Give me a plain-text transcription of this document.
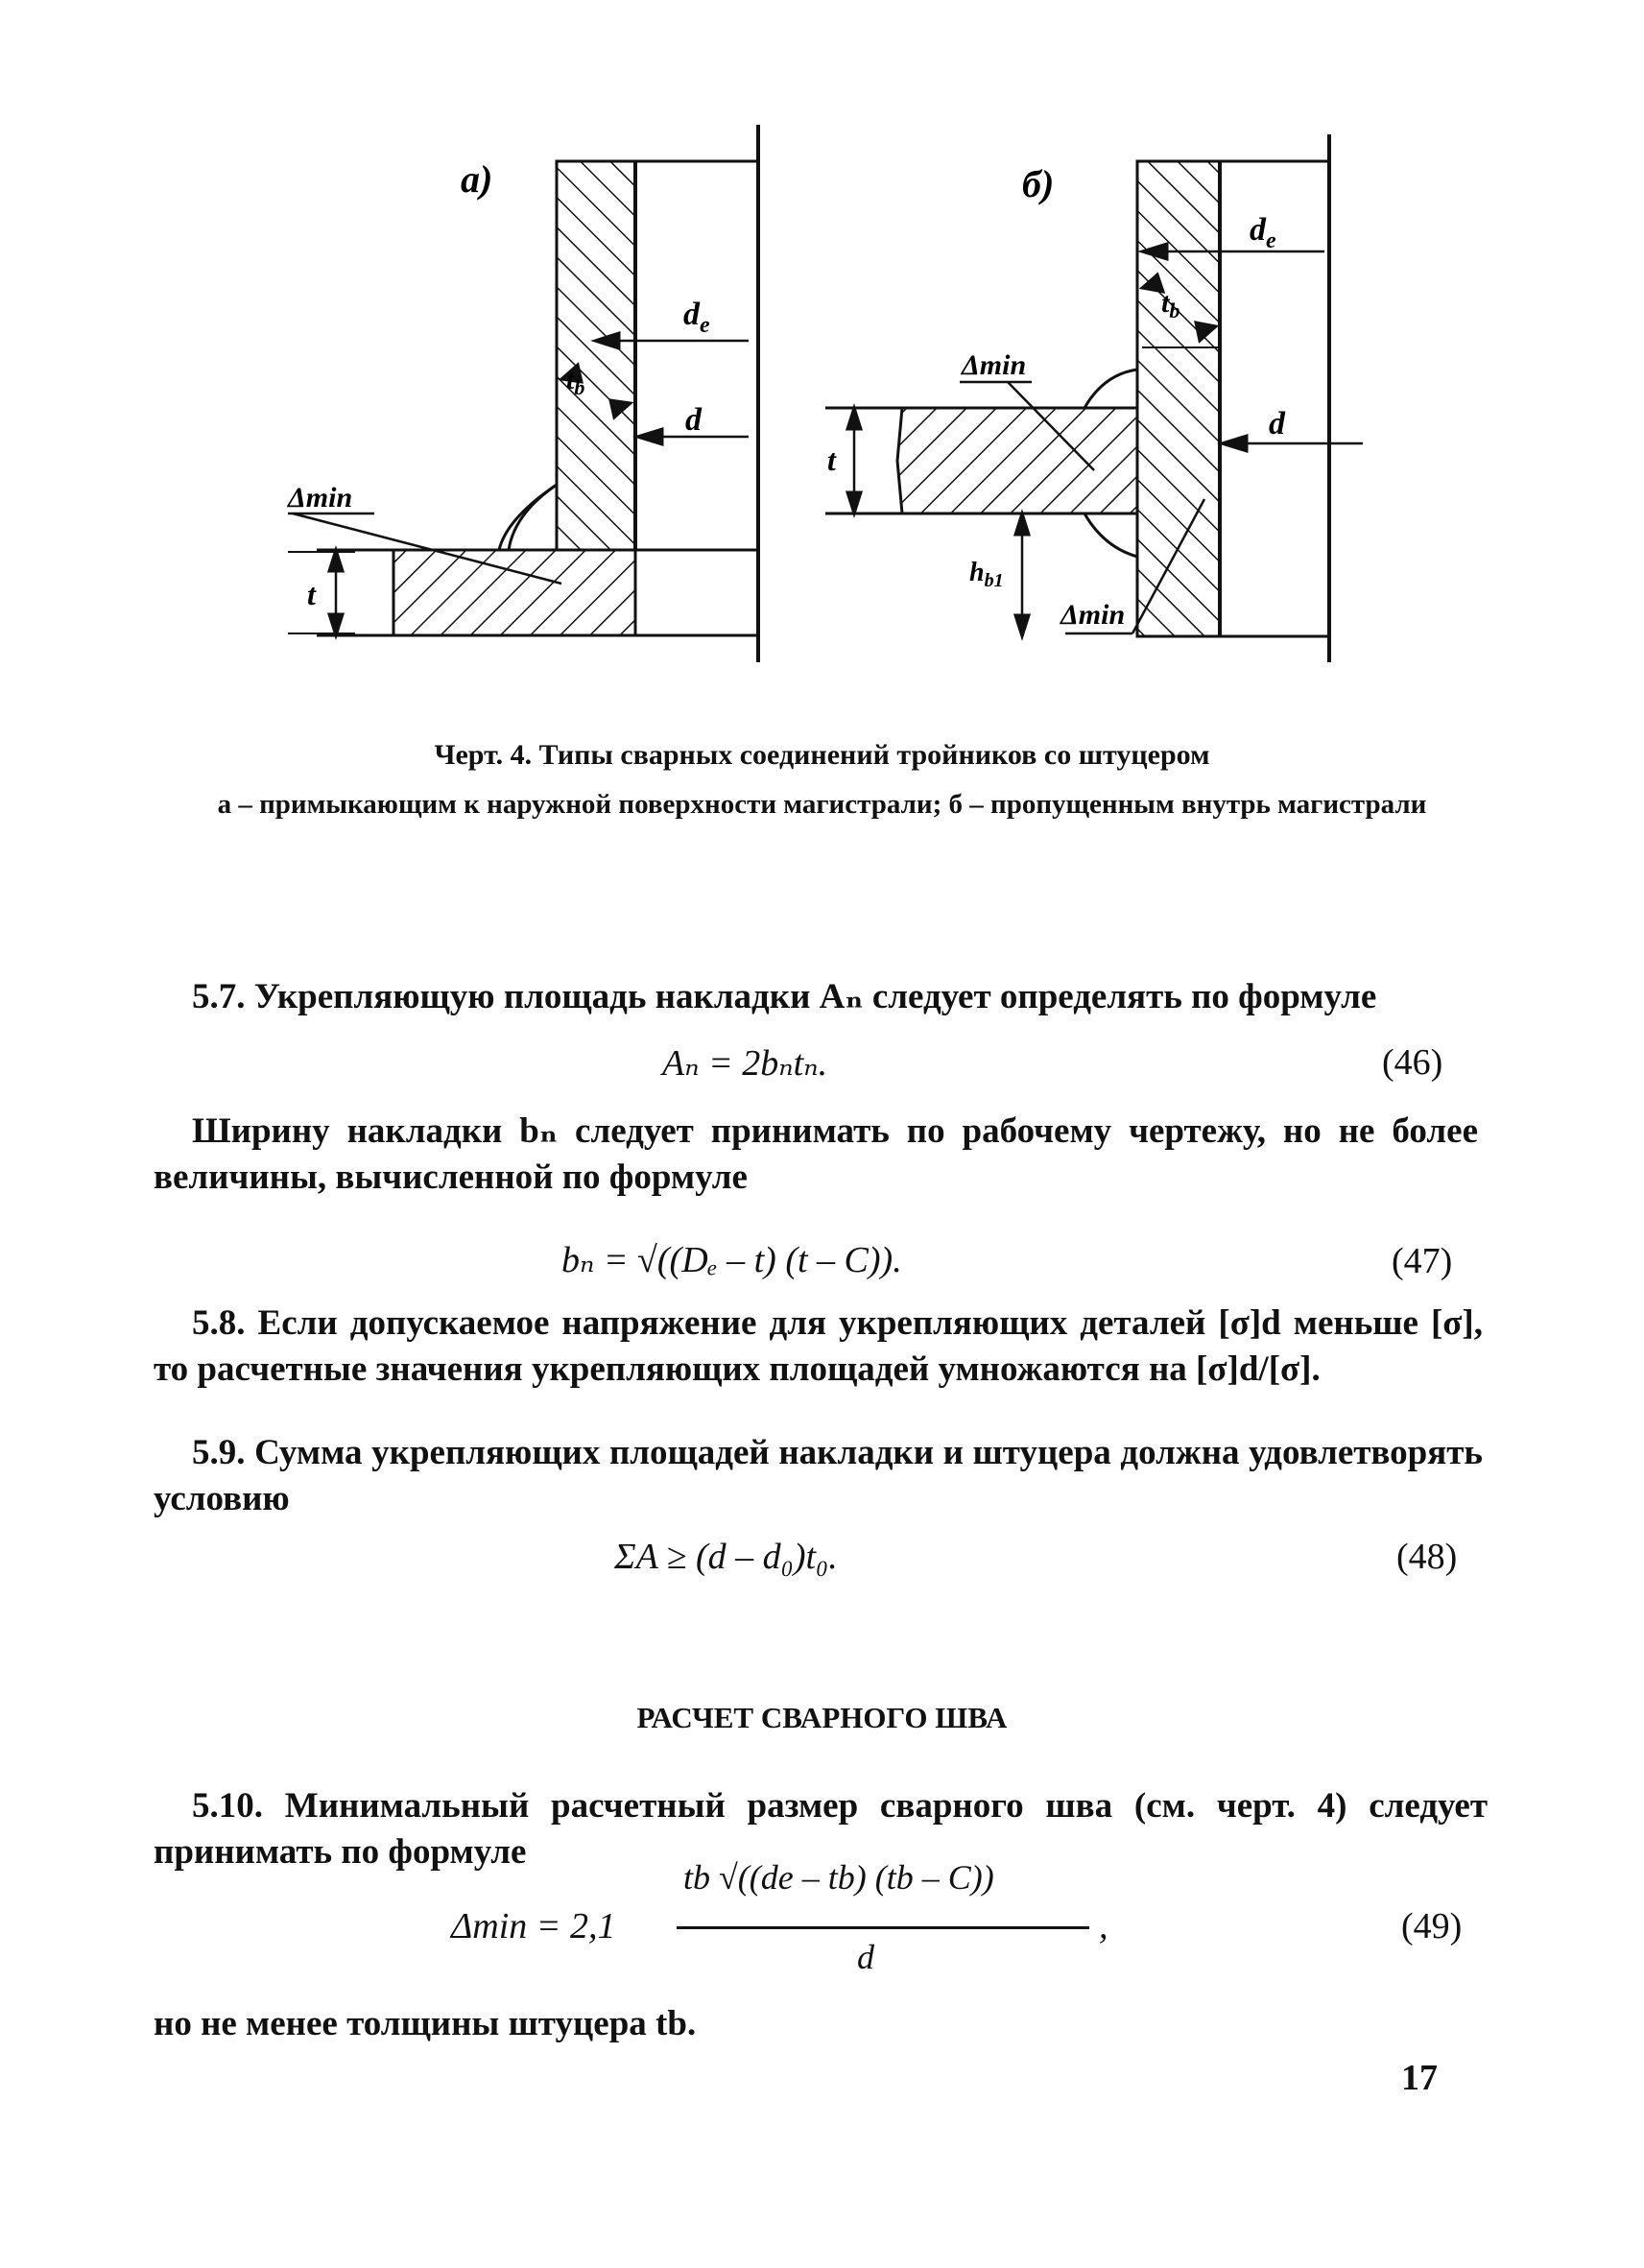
а)
$d_e$
$t_b$
d
Δmin
t
б)
$d_e$
$t_b$
Δmin
d
t
$h_{b1}$
Δmin
Черт. 4. Типы сварных соединений тройников со штуцером
а – примыкающим к наружной поверхности магистрали; б – пропущенным внутрь магистрали
5.7. Укрепляющую площадь накладки Aₙ следует определять по формуле
Aₙ = 2bₙtₙ.	(46)
Ширину накладки bₙ следует принимать по рабочему чертежу, но не более величины, вычисленной по формуле
bₙ = √((Dₑ – t) (t – C)).	(47)
5.8. Если допускаемое напряжение для укрепляющих деталей [σ]d меньше [σ], то расчетные значения укрепляющих площадей умножаются на [σ]d/[σ].
5.9. Сумма укрепляющих площадей накладки и штуцера должна удовлетворять условию
ΣA ≥ (d – d₀)t₀.	(48)
РАСЧЕТ СВАРНОГО ШВА
5.10. Минимальный расчетный размер сварного шва (см. черт. 4) следует принимать по формуле
Δmin = 2,1
tb √((de – tb) (tb – C))
d
,	(49)
но не менее толщины штуцера tb.
17
